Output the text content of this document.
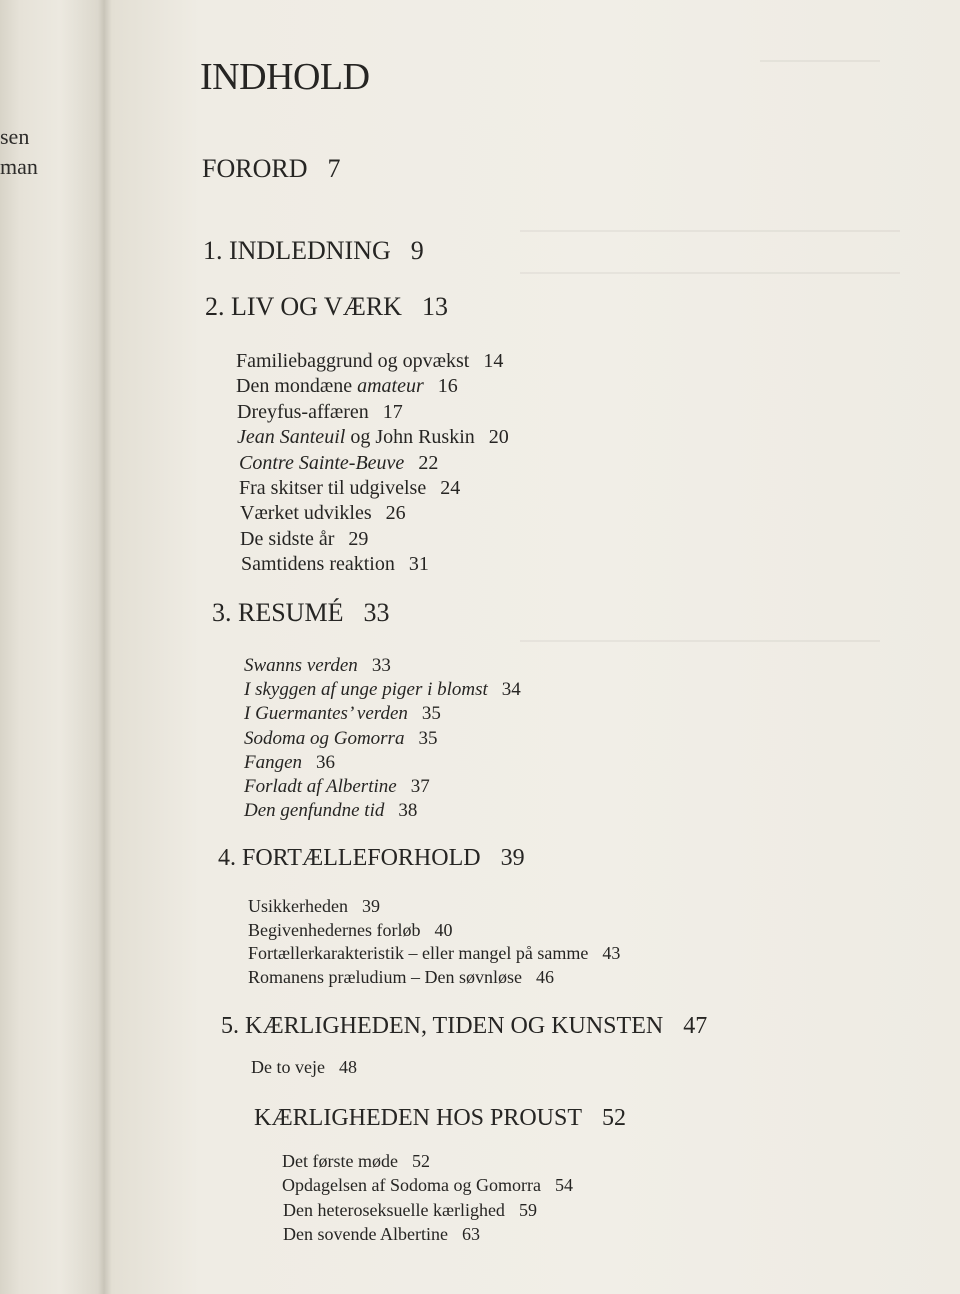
sen
man
INDHOLD
FORORD 7
1. INDLEDNING 9
2. LIV OG VÆRK 13
Familiebaggrund og opvækst 14
Den mondæne amateur 16
Dreyfus-affæren 17
Jean Santeuil og John Ruskin 20
Contre Sainte-Beuve 22
Fra skitser til udgivelse 24
Værket udvikles 26
De sidste år 29
Samtidens reaktion 31
3. RESUMÉ 33
Swanns verden 33
I skyggen af unge piger i blomst 34
I Guermantes’ verden 35
Sodoma og Gomorra 35
Fangen 36
Forladt af Albertine 37
Den genfundne tid 38
4. FORTÆLLEFORHOLD 39
Usikkerheden 39
Begivenhedernes forløb 40
Fortællerkarakteristik – eller mangel på samme 43
Romanens præludium – Den søvnløse 46
5. KÆRLIGHEDEN, TIDEN OG KUNSTEN 47
De to veje 48
KÆRLIGHEDEN HOS PROUST 52
Det første møde 52
Opdagelsen af Sodoma og Gomorra 54
Den heteroseksuelle kærlighed 59
Den sovende Albertine 63
